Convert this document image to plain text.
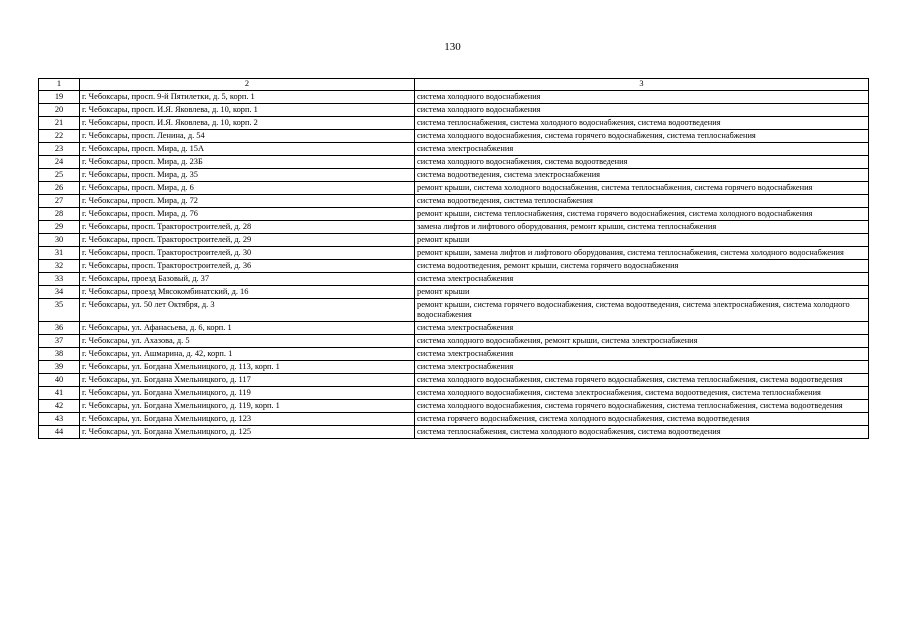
130
1	2	3
19	г. Чебоксары, просп. 9-й Пятилетки, д. 5, корп. 1	система холодного водоснабжения
20	г. Чебоксары, просп. И.Я. Яковлева, д. 10, корп. 1	система холодного водоснабжения
21	г. Чебоксары, просп. И.Я. Яковлева, д. 10, корп. 2	система теплоснабжения, система холодного водоснабжения, система водоотведения
22	г. Чебоксары, просп. Ленина, д. 54	система холодного водоснабжения, система горячего водоснабжения, система теплоснабжения
23	г. Чебоксары, просп. Мира, д. 15А	система электроснабжения
24	г. Чебоксары, просп. Мира, д. 23Б	система холодного водоснабжения, система водоотведения
25	г. Чебоксары, просп. Мира, д. 35	система водоотведения, система электроснабжения
26	г. Чебоксары, просп. Мира, д. 6	ремонт крыши, система холодного водоснабжения, система теплоснабжения, система горячего водоснабжения
27	г. Чебоксары, просп. Мира, д. 72	система водоотведения, система теплоснабжения
28	г. Чебоксары, просп. Мира, д. 76	ремонт крыши, система теплоснабжения, система горячего водоснабжения, система холодного водоснабжения
29	г. Чебоксары, просп. Тракторостроителей, д. 28	замена лифтов и лифтового оборудования, ремонт крыши, система теплоснабжения
30	г. Чебоксары, просп. Тракторостроителей, д. 29	ремонт крыши
31	г. Чебоксары, просп. Тракторостроителей, д. 30	ремонт крыши, замена лифтов и лифтового оборудования, система теплоснабжения, система холодного водоснабжения
32	г. Чебоксары, просп. Тракторостроителей, д. 36	система водоотведения, ремонт крыши, система горячего водоснабжения
33	г. Чебоксары, проезд Базовый, д. 37	система электроснабжения
34	г. Чебоксары, проезд Мясокомбинатский, д. 16	ремонт крыши
35	г. Чебоксары, ул. 50 лет Октября, д. 3	ремонт крыши, система горячего водоснабжения, система водоотведения, система электроснабжения, система холодного водоснабжения
36	г. Чебоксары, ул. Афанасьева, д. 6, корп. 1	система электроснабжения
37	г. Чебоксары, ул. Ахазова, д. 5	система холодного водоснабжения, ремонт крыши, система электроснабжения
38	г. Чебоксары, ул. Ашмарина, д. 42, корп. 1	система электроснабжения
39	г. Чебоксары, ул. Богдана Хмельницкого, д. 113, корп. 1	система электроснабжения
40	г. Чебоксары, ул. Богдана Хмельницкого, д. 117	система холодного водоснабжения, система горячего водоснабжения, система теплоснабжения, система водоотведения
41	г. Чебоксары, ул. Богдана Хмельницкого, д. 119	система холодного водоснабжения, система электроснабжения, система водоотведения, система теплоснабжения
42	г. Чебоксары, ул. Богдана Хмельницкого, д. 119, корп. 1	система холодного водоснабжения, система горячего водоснабжения, система теплоснабжения, система водоотведения
43	г. Чебоксары, ул. Богдана Хмельницкого, д. 123	система горячего водоснабжения, система холодного водоснабжения, система водоотведения
44	г. Чебоксары, ул. Богдана Хмельницкого, д. 125	система теплоснабжения, система холодного водоснабжения, система водоотведения
